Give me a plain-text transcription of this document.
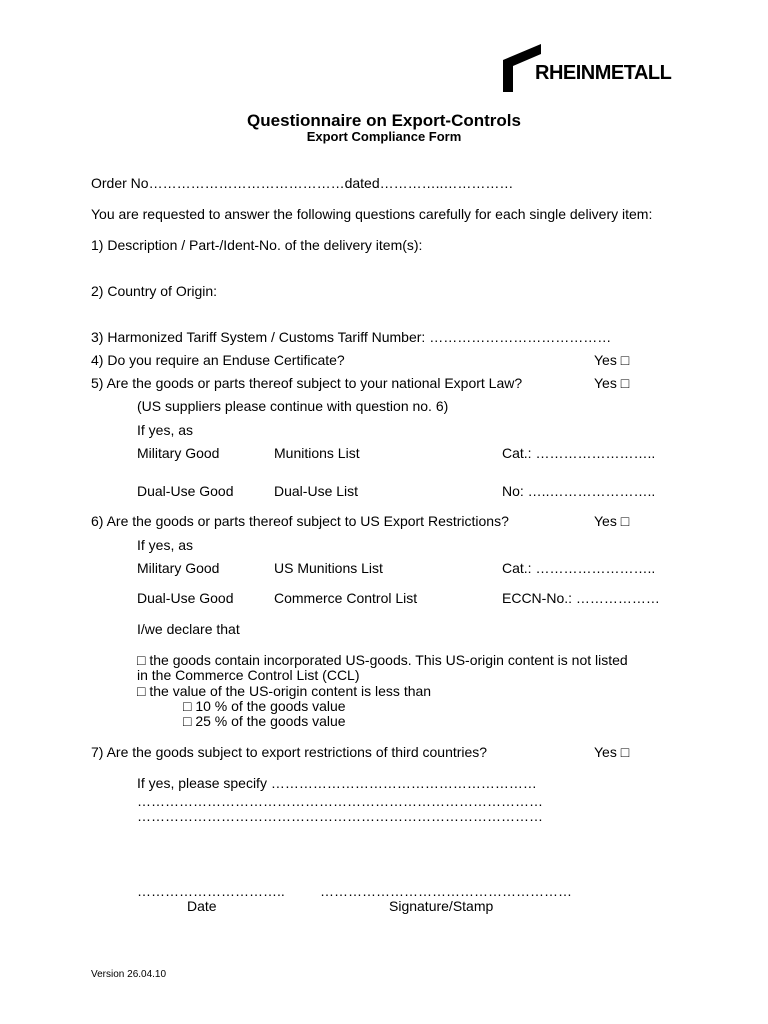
RHEINMETALL
Questionnaire on Export-Controls
Export Compliance Form
Order No……………………………………dated…………..……………
You are requested to answer the following questions carefully for each single delivery item:
1) Description / Part-/Ident-No. of the delivery item(s):
2) Country of Origin:
3) Harmonized Tariff System / Customs Tariff Number: …………………………………
4) Do you require an Enduse Certificate?	Yes □
5) Are the goods or parts thereof subject to your national Export Law?	Yes □
(US suppliers please continue with question no. 6)
If yes, as
Military Good	Munitions List	Cat.: ……………………..
Dual-Use Good	Dual-Use List	No: …..…………………..
6) Are the goods or parts thereof subject to US Export Restrictions?	Yes □
If yes, as
Military Good	US Munitions List	Cat.: ……………………..
Dual-Use Good	Commerce Control List	ECCN-No.: ………………
I/we declare that
□ the goods contain incorporated US-goods. This US-origin content is not listed
in the Commerce Control List (CCL)
□ the value of the US-origin content is less than
□ 10 % of the goods value
□ 25 % of the goods value
7) Are the goods subject to export restrictions of third countries?	Yes □
If yes, please specify …………………………………………………
……………………………………………………………………………
……………………………………………………………………………
…………………………..	………………………………………………
Date	Signature/Stamp
Version 26.04.10
